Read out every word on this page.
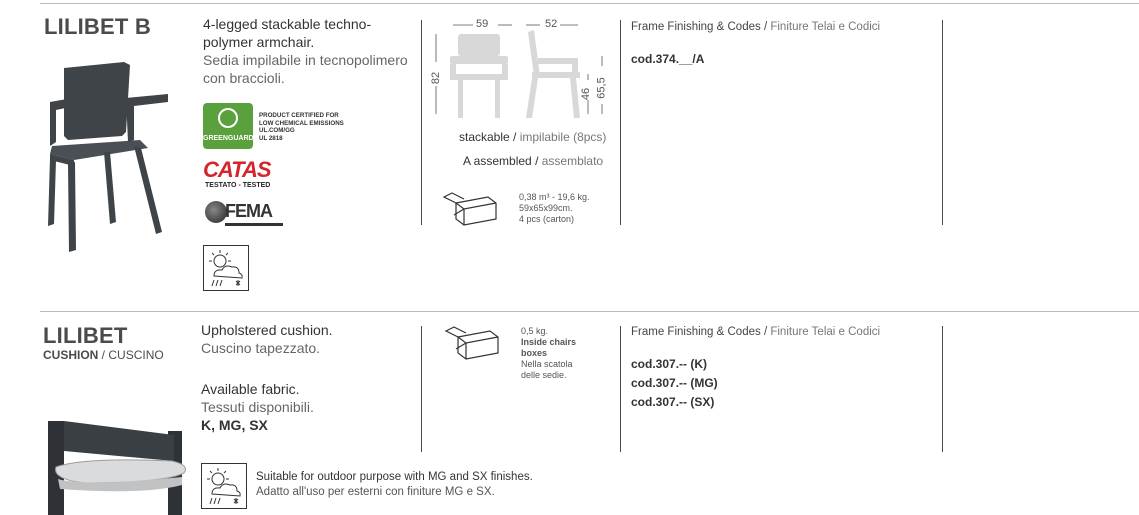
LILIBET B	4-legged stackable techno-polymer armchair.
Sedia impilabile in tecnopolimero con braccioli.
GREENGUARD
PRODUCT CERTIFIED FOR
LOW CHEMICAL EMISSIONS
UL.COM/GG
UL 2818
CATAS
TESTATO - TESTED
FEMA
59	52
82
46 65,5
stackable / impilabile (8pcs)
A assembled / assemblato
0,38 m³ - 19,6 kg.
59x65x99cm.
4 pcs (carton)
Frame Finishing & Codes / Finiture Telai e Codici
cod.374.__/A
LILIBET
CUSHION / CUSCINO
Upholstered cushion.
Cuscino tapezzato.
Available fabric.
Tessuti disponibili.
K, MG, SX
Suitable for outdoor purpose with MG and SX finishes.
Adatto all'uso per esterni con finiture MG e SX.
0,5 kg.
Inside chairs
boxes
Nella scatola
delle sedie.
Frame Finishing & Codes / Finiture Telai e Codici
cod.307.-- (K)
cod.307.-- (MG)
cod.307.-- (SX)
